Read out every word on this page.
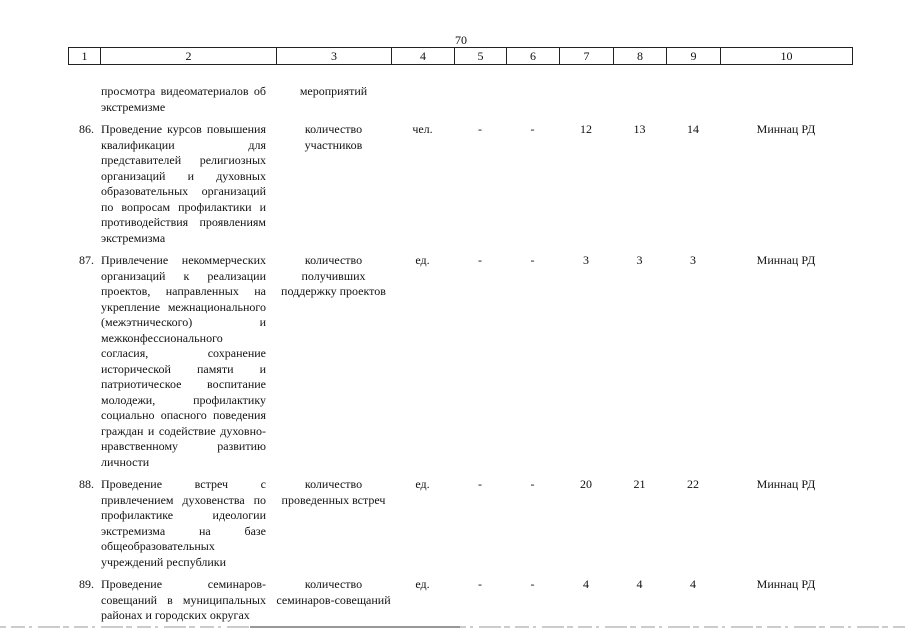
70
1	2	3	4	5	6	7	8	9	10
	просмотра видеоматериалов об экстремизме	мероприятий							
86.	Проведение курсов повышения квалификации для представителей религиозных организаций и духовных образовательных организаций по вопросам профилактики и противодействия проявлениям экстремизма	количество участников	чел.	-	-	12	13	14	Миннац РД
87.	Привлечение некоммерческих организаций к реализации проектов, направленных на укрепление межнационального (межэтнического) и межконфессионального согласия, сохранение исторической памяти и патриотическое воспитание молодежи, профилактику социально опасного поведения граждан и содействие духовно-нравственному развитию личности	количество получивших поддержку проектов	ед.	-	-	3	3	3	Миннац РД
88.	Проведение встреч с привлечением духовенства по профилактике идеологии экстремизма на базе общеобразовательных учреждений республики	количество проведенных встреч	ед.	-	-	20	21	22	Миннац РД
89.	Проведение семинаров-совещаний в муниципальных районах и городских округах	количество семинаров-совещаний	ед.	-	-	4	4	4	Миннац РД
